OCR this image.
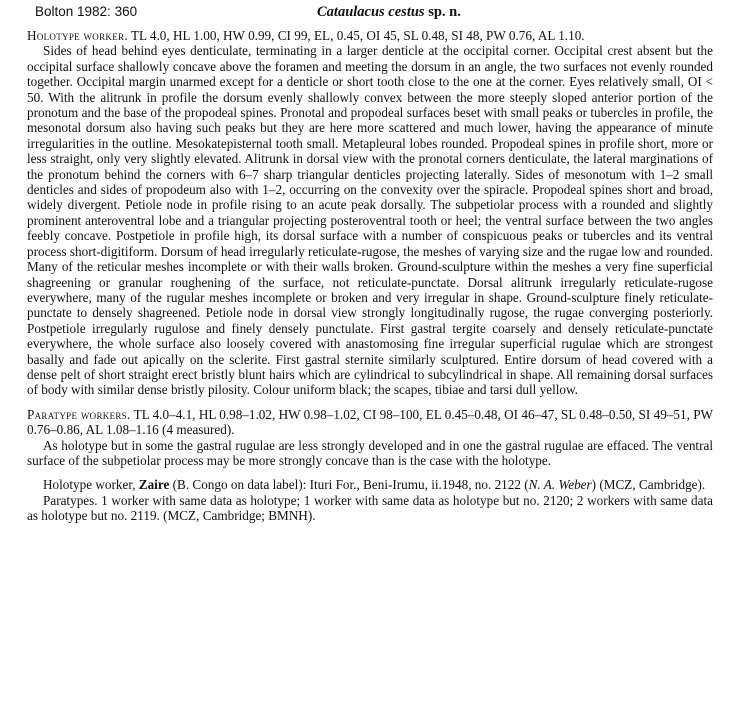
Bolton 1982: 360	Cataulacus cestus sp. n.

Holotype worker. TL 4.0, HL 1.00, HW 0.99, CI 99, EL, 0.45, OI 45, SL 0.48, SI 48, PW 0.76, AL 1.10.

Sides of head behind eyes denticulate, terminating in a larger denticle at the occipital corner. Occipital crest absent but the occipital surface shallowly concave above the foramen and meeting the dorsum in an angle, the two surfaces not evenly rounded together. Occipital margin unarmed except for a denticle or short tooth close to the one at the corner. Eyes relatively small, OI < 50. With the alitrunk in profile the dorsum evenly shallowly convex between the more steeply sloped anterior portion of the pronotum and the base of the propodeal spines. Pronotal and propodeal surfaces beset with small peaks or tubercles in profile, the mesonotal dorsum also having such peaks but they are here more scattered and much lower, having the appearance of minute irregularities in the outline. Mesokatepisternal tooth small. Metapleural lobes rounded. Propodeal spines in profile short, more or less straight, only very slightly elevated. Alitrunk in dorsal view with the pronotal corners denticulate, the lateral marginations of the pronotum behind the corners with 6–7 sharp triangular denticles projecting laterally. Sides of mesonotum with 1–2 small denticles and sides of propodeum also with 1–2, occurring on the convexity over the spiracle. Propodeal spines short and broad, widely divergent. Petiole node in profile rising to an acute peak dorsally. The subpetiolar process with a rounded and slightly prominent anteroventral lobe and a triangular projecting posteroventral tooth or heel; the ventral surface between the two angles feebly concave. Postpetiole in profile high, its dorsal surface with a number of conspicuous peaks or tubercles and its ventral process short-digitiform. Dorsum of head irregularly reticulate-rugose, the meshes of varying size and the rugae low and rounded. Many of the reticular meshes incomplete or with their walls broken. Ground-sculpture within the meshes a very fine superficial shagreening or granular roughening of the surface, not reticulate-punctate. Dorsal alitrunk irregularly reticulate-rugose everywhere, many of the rugular meshes incomplete or broken and very irregular in shape. Ground-sculpture finely reticulate-punctate to densely shagreened. Petiole node in dorsal view strongly longitudinally rugose, the rugae converging posteriorly. Postpetiole irregularly rugulose and finely densely punctulate. First gastral tergite coarsely and densely reticulate-punctate everywhere, the whole surface also loosely covered with anastomosing fine irregular superficial rugulae which are strongest basally and fade out apically on the sclerite. First gastral sternite similarly sculptured. Entire dorsum of head covered with a dense pelt of short straight erect bristly blunt hairs which are cylindrical to subcylindrical in shape. All remaining dorsal surfaces of body with similar dense bristly pilosity. Colour uniform black; the scapes, tibiae and tarsi dull yellow.

Paratype workers. TL 4.0–4.1, HL 0.98–1.02, HW 0.98–1.02, CI 98–100, EL 0.45–0.48, OI 46–47, SL 0.48–0.50, SI 49–51, PW 0.76–0.86, AL 1.08–1.16 (4 measured).

As holotype but in some the gastral rugulae are less strongly developed and in one the gastral rugulae are effaced. The ventral surface of the subpetiolar process may be more strongly concave than is the case with the holotype.

Holotype worker, Zaire (B. Congo on data label): Ituri For., Beni-Irumu, ii.1948, no. 2122 (N. A. Weber) (MCZ, Cambridge).

Paratypes. 1 worker with same data as holotype; 1 worker with same data as holotype but no. 2120; 2 workers with same data as holotype but no. 2119. (MCZ, Cambridge; BMNH).
